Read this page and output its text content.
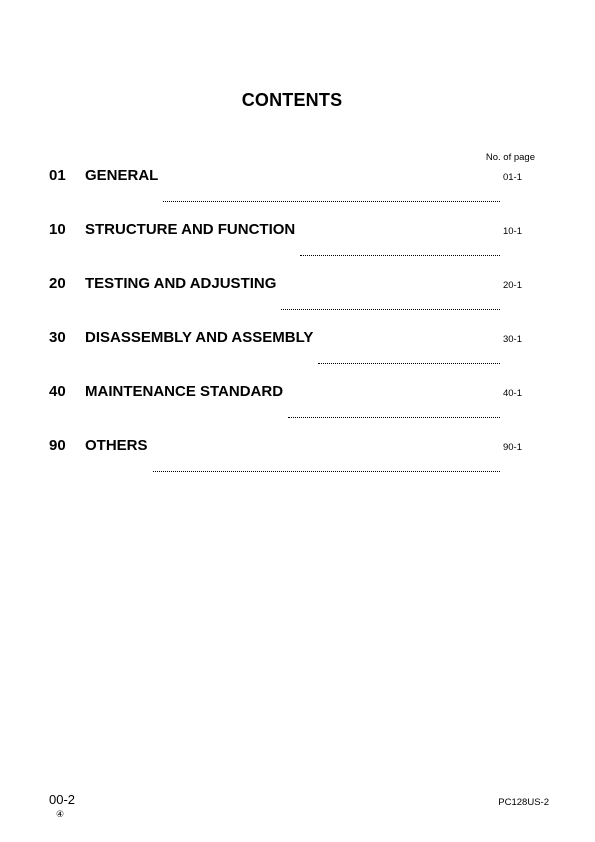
CONTENTS
No. of page
01	GENERAL	01-1
10	STRUCTURE AND FUNCTION	10-1
20	TESTING AND ADJUSTING	20-1
30	DISASSEMBLY AND ASSEMBLY	30-1
40	MAINTENANCE STANDARD	40-1
90	OTHERS	90-1
00-2
④
PC128US-2
